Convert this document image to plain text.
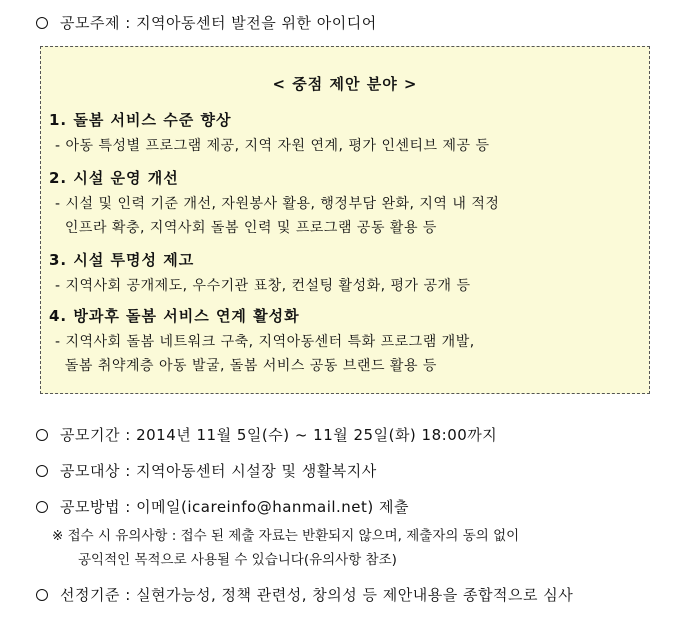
공모주제 : 지역아동센터 발전을 위한 아이디어
< 중점 제안 분야 >
1. 돌봄 서비스 수준 향상
- 아동 특성별 프로그램 제공, 지역 자원 연계, 평가 인센티브 제공 등
2. 시설 운영 개선
- 시설 및 인력 기준 개선, 자원봉사 활용, 행정부담 완화, 지역 내 적정
인프라 확충, 지역사회 돌봄 인력 및 프로그램 공동 활용 등
3. 시설 투명성 제고
- 지역사회 공개제도, 우수기관 표창, 컨설팅 활성화, 평가 공개 등
4. 방과후 돌봄 서비스 연계 활성화
- 지역사회 돌봄 네트워크 구축, 지역아동센터 특화 프로그램 개발,
돌봄 취약계층 아동 발굴, 돌봄 서비스 공동 브랜드 활용 등
공모기간 : 2014년 11월 5일(수) ~ 11월 25일(화) 18:00까지
공모대상 : 지역아동센터 시설장 및 생활복지사
공모방법 : 이메일(icareinfo@hanmail.net) 제출
※ 접수 시 유의사항 : 접수 된 제출 자료는 반환되지 않으며, 제출자의 동의 없이
공익적인 목적으로 사용될 수 있습니다(유의사항 참조)
선정기준 : 실현가능성, 정책 관련성, 창의성 등 제안내용을 종합적으로 심사
